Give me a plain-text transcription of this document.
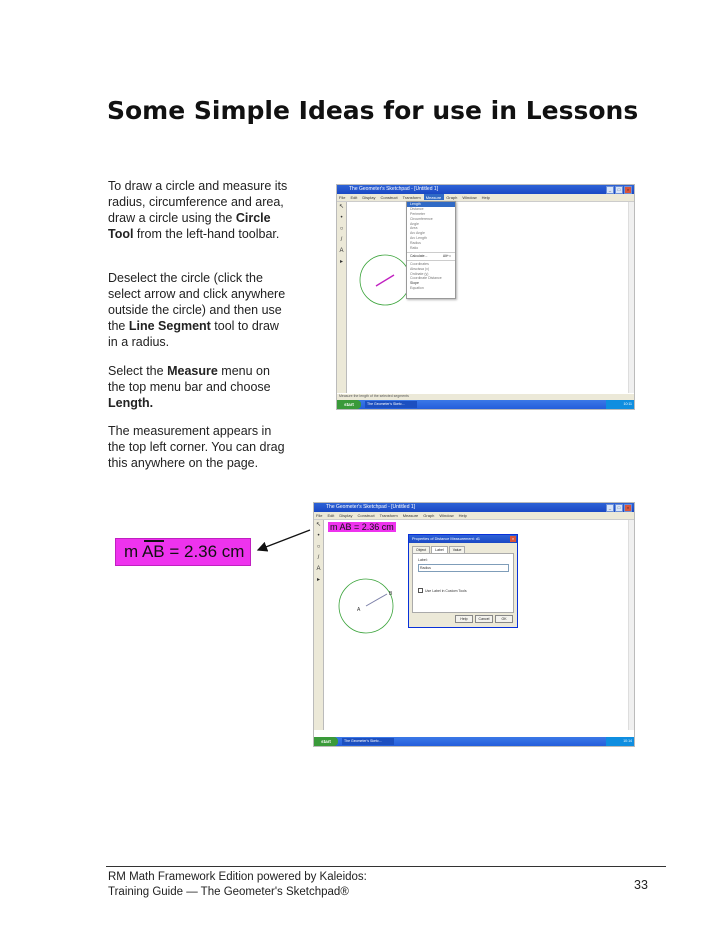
Some Simple Ideas for use in Lessons
To draw a circle and measure its radius, circumference and area, draw a circle using the Circle Tool from the left-hand toolbar.
Deselect the circle (click the select arrow and click anywhere outside the circle) and then use the Line Segment tool to draw in a radius.
Select the Measure menu on the top menu bar and choose Length.
The measurement appears in the top left corner. You can drag this anywhere on the page.
The Geometer's Sketchpad - [Untitled 1]	_	□	×
File Edit Display Construct Transform Measure Graph Window Help
↖
•
○
/
A
▸
Length
Distance
Perimeter
Circumference
Angle
Area
Arc Angle
Arc Length
Radius
Ratio
Calculate...	Alt+=
Coordinates
Abscissa (x)
Ordinate (y)
Coordinate Distance
Slope
Equation
Measure the length of the selected segments
start	The Geometer's Sketc...	10:11
The Geometer's Sketchpad - [Untitled 1]	_	□	×
File Edit Display Construct Transform Measure Graph Window Help
↖
•
○
/
A
▸
m AB = 2.36 cm
A
B
Properties of Distance Measurement: d1	×
Object	Label	Value
Label:
Radius
Use Label in Custom Tools
Help	Cancel	OK
start	The Geometer's Sketc...	10:14
m AB = 2.36 cm
RM Math Framework Edition powered by Kaleidos:
Training Guide — The Geometer's Sketchpad®	33
